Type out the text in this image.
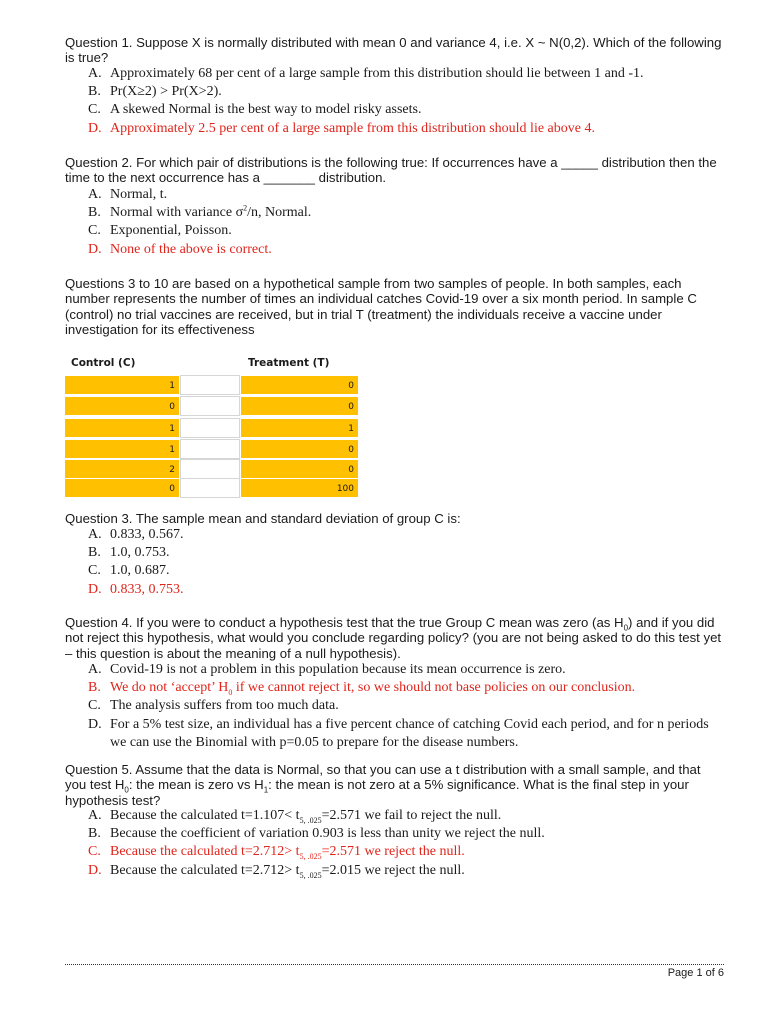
Question 1. Suppose X is normally distributed with mean 0 and variance 4, i.e. X ~ N(0,2). Which of the following is true?
A. Approximately 68 per cent of a large sample from this distribution should lie between 1 and -1.
B. Pr(X≥2) > Pr(X>2).
C. A skewed Normal is the best way to model risky assets.
D. Approximately 2.5 per cent of a large sample from this distribution should lie above 4.
Question 2. For which pair of distributions is the following true: If occurrences have a _____ distribution then the time to the next occurrence has a _______ distribution.
A. Normal, t.
B. Normal with variance $\sigma^2/n$, Normal.
C. Exponential, Poisson.
D. None of the above is correct.
Questions 3 to 10 are based on a hypothetical sample from two samples of people. In both samples, each number represents the number of times an individual catches Covid-19 over a six month period. In sample C (control) no trial vaccines are received, but in trial T (treatment) the individuals receive a vaccine under investigation for its effectiveness
Control (C)	Treatment (T)
1	0
0	0
1	1
1	0
2	0
0	100
Question 3. The sample mean and standard deviation of group C is:
A. 0.833, 0.567.
B. 1.0, 0.753.
C. 1.0, 0.687.
D. 0.833, 0.753.
Question 4. If you were to conduct a hypothesis test that the true Group C mean was zero (as $H_0$) and if you did not reject this hypothesis, what would you conclude regarding policy? (you are not being asked to do this test yet – this question is about the meaning of a null hypothesis).
A. Covid-19 is not a problem in this population because its mean occurrence is zero.
B. We do not ‘accept’ $H_0$ if we cannot reject it, so we should not base policies on our conclusion.
C. The analysis suffers from too much data.
D. For a 5% test size, an individual has a five percent chance of catching Covid each period, and for n periods we can use the Binomial with p=0.05 to prepare for the disease numbers.
Question 5. Assume that the data is Normal, so that you can use a t distribution with a small sample, and that you test $H_0$: the mean is zero vs $H_1$: the mean is not zero at a 5% significance. What is the final step in your hypothesis test?
A. Because the calculated $t=1.107< t_{5, .025}=2.571$ we fail to reject the null.
B. Because the coefficient of variation 0.903 is less than unity we reject the null.
C. Because the calculated $t=2.712> t_{5, .025}=2.571$ we reject the null.
D. Because the calculated $t=2.712> t_{5, .025}=2.015$ we reject the null.
Page 1 of 6
